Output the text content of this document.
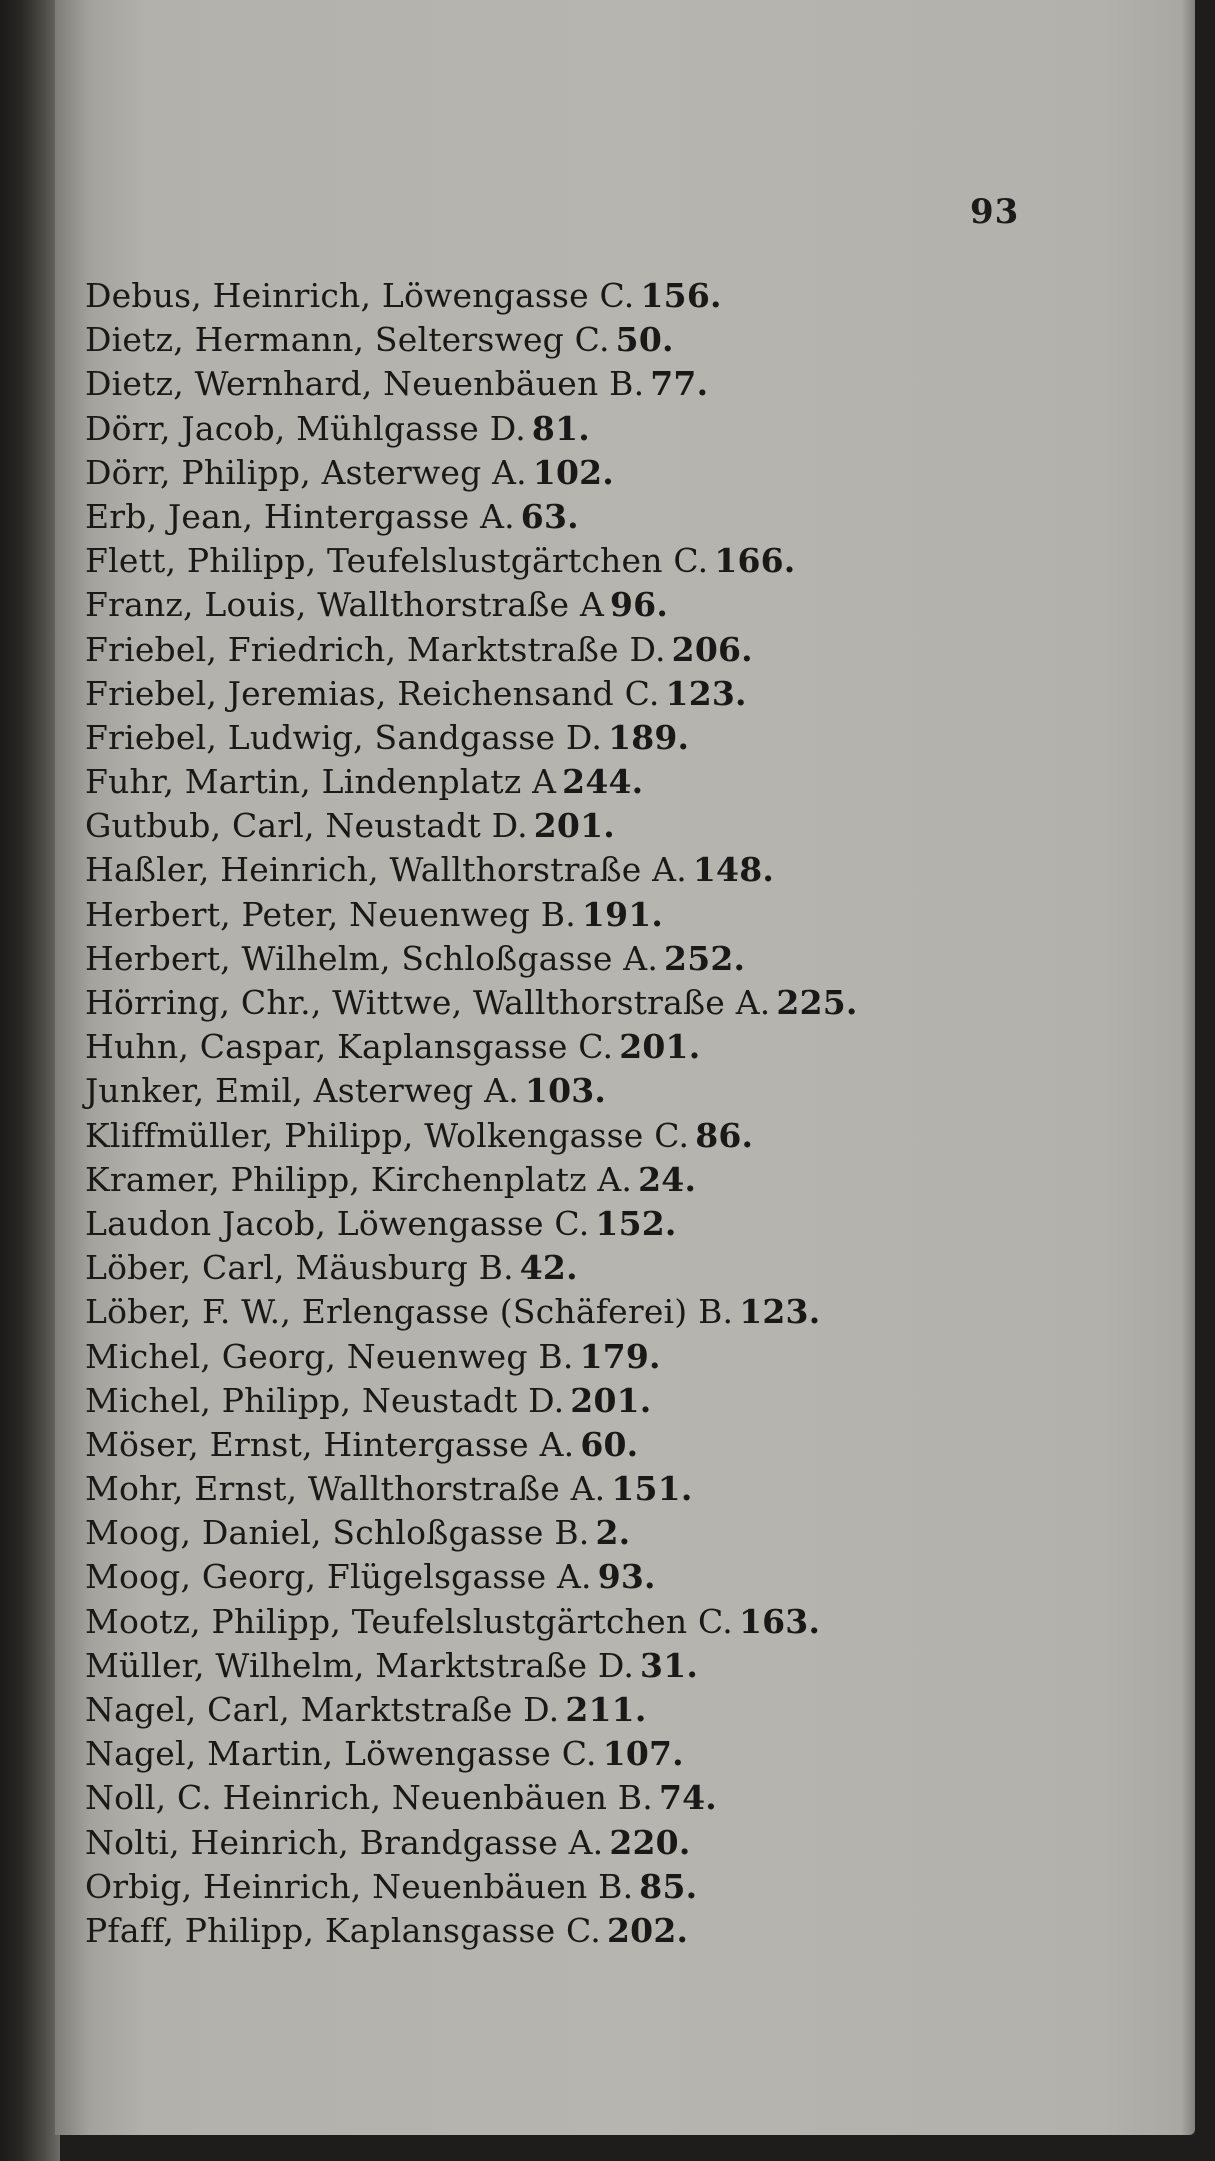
93
Debus, Heinrich, Löwengasse C. 156.
Dietz, Hermann, Seltersweg C. 50.
Dietz, Wernhard, Neuenbäuen B. 77.
Dörr, Jacob, Mühlgasse D. 81.
Dörr, Philipp, Asterweg A. 102.
Erb, Jean, Hintergasse A. 63.
Flett, Philipp, Teufelslustgärtchen C. 166.
Franz, Louis, Wallthorstraße A 96.
Friebel, Friedrich, Marktstraße D. 206.
Friebel, Jeremias, Reichensand C. 123.
Friebel, Ludwig, Sandgasse D. 189.
Fuhr, Martin, Lindenplatz A 244.
Gutbub, Carl, Neustadt D. 201.
Haßler, Heinrich, Wallthorstraße A. 148.
Herbert, Peter, Neuenweg B. 191.
Herbert, Wilhelm, Schloßgasse A. 252.
Hörring, Chr., Wittwe, Wallthorstraße A. 225.
Huhn, Caspar, Kaplansgasse C. 201.
Junker, Emil, Asterweg A. 103.
Kliffmüller, Philipp, Wolkengasse C. 86.
Kramer, Philipp, Kirchenplatz A. 24.
Laudon Jacob, Löwengasse C. 152.
Löber, Carl, Mäusburg B. 42.
Löber, F. W., Erlengasse (Schäferei) B. 123.
Michel, Georg, Neuenweg B. 179.
Michel, Philipp, Neustadt D. 201.
Möser, Ernst, Hintergasse A. 60.
Mohr, Ernst, Wallthorstraße A. 151.
Moog, Daniel, Schloßgasse B. 2.
Moog, Georg, Flügelsgasse A. 93.
Mootz, Philipp, Teufelslustgärtchen C. 163.
Müller, Wilhelm, Marktstraße D. 31.
Nagel, Carl, Marktstraße D. 211.
Nagel, Martin, Löwengasse C. 107.
Noll, C. Heinrich, Neuenbäuen B. 74.
Nolti, Heinrich, Brandgasse A. 220.
Orbig, Heinrich, Neuenbäuen B. 85.
Pfaff, Philipp, Kaplansgasse C. 202.
